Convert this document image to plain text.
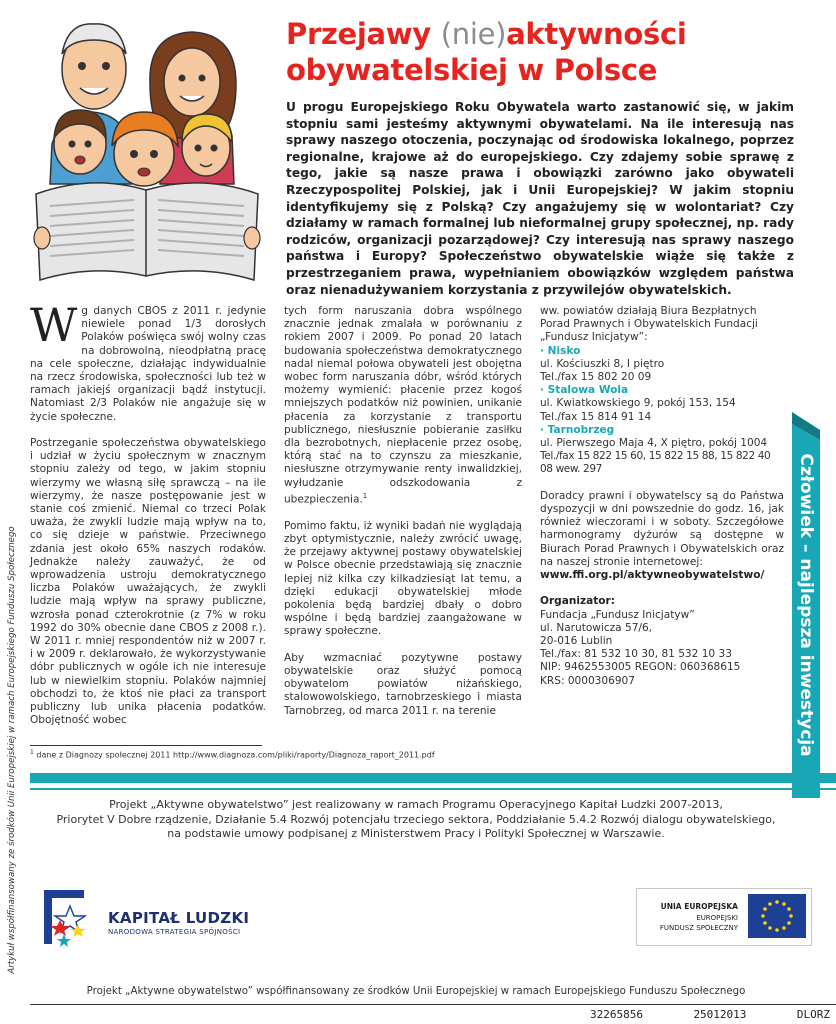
Przejawy (nie)aktywności
obywatelskiej w Polsce

U progu Europejskiego Roku Obywatela warto zastanowić się, w jakim stopniu sami jesteśmy aktywnymi obywatelami. Na ile interesują nas sprawy naszego otoczenia, poczynając od środowiska lokalnego, poprzez regionalne, krajowe aż do europejskiego. Czy zdajemy sobie sprawę z tego, jakie są nasze prawa i obowiązki zarówno jako obywateli Rzeczypospolitej Polskiej, jak i Unii Europejskiej? W jakim stopniu identyfikujemy się z Polską? Czy angażujemy się w wolontariat? Czy działamy w ramach formalnej lub nieformalnej grupy społecznej, np. rady rodziców, organizacji pozarządowej? Czy interesują nas sprawy naszego państwa i Europy? Społeczeństwo obywatelskie wiąże się także z przestrzeganiem prawa, wypełnianiem obowiązków względem państwa oraz nienadużywaniem korzystania z przywilejów obywatelskich.

Wg danych CBOS z 2011 r. jedynie niewiele ponad 1/3 dorosłych Polaków poświęca swój wolny czas na dobrowolną, nieodpłatną pracę na cele społeczne, działając indywidualnie na rzecz środowiska, społeczności lub też w ramach jakiejś organizacji bądź instytucji. Natomiast 2/3 Polaków nie angażuje się w życie społeczne.

Postrzeganie społeczeństwa obywatelskiego i udział w życiu społecznym w znacznym stopniu zależy od tego, w jakim stopniu wierzymy we własną siłę sprawczą – na ile wierzymy, że nasze postępowanie jest w stanie coś zmienić. Niemal co trzeci Polak uważa, że zwykli ludzie mają wpływ na to, co się dzieje w państwie. Przeciwnego zdania jest około 65% naszych rodaków. Jednakże należy zauważyć, że od wprowadzenia ustroju demokratycznego liczba Polaków uważających, że zwykli ludzie mają wpływ na sprawy publiczne, wzrosła ponad czterokrotnie (z 7% w roku 1992 do 30% obecnie dane CBOS z 2008 r.). W 2011 r. mniej respondentów niż w 2007 r. i w 2009 r. deklarowało, że wykorzystywanie dóbr publicznych w ogóle ich nie interesuje lub w niewielkim stopniu. Polaków najmniej obchodzi to, że ktoś nie płaci za transport publiczny lub unika płacenia podatków. Obojętność wobec

tych form naruszania dobra wspólnego znacznie jednak zmalała w porównaniu z rokiem 2007 i 2009. Po ponad 20 latach budowania społeczeństwa demokratycznego nadal niemal połowa obywateli jest obojętna wobec form naruszania dóbr, wśród których możemy wymienić: płacenie przez kogoś mniejszych podatków niż powinien, unikanie płacenia za korzystanie z transportu publicznego, niesłusznie pobieranie zasiłku dla bezrobotnych, niepłacenie przez osobę, którą stać na to czynszu za mieszkanie, niesłuszne otrzymywanie renty inwalidzkiej, wyłudzanie odszkodowania z ubezpieczenia.$^1$

Pomimo faktu, iż wyniki badań nie wyglądają zbyt optymistycznie, należy zwrócić uwagę, że przejawy aktywnej postawy obywatelskiej w Polsce obecnie przedstawiają się znacznie lepiej niż kilka czy kilkadziesiąt lat temu, a dzięki edukacji obywatelskiej młode pokolenia będą bardziej dbały o dobro wspólne i będą bardziej zaangażowane w sprawy społeczne.

Aby wzmacniać pozytywne postawy obywatelskie oraz służyć pomocą obywatelom powiatów niżańskiego, stalowowolskiego, tarnobrzeskiego i miasta Tarnobrzeg, od marca 2011 r. na terenie

ww. powiatów działają Biura Bezpłatnych Porad Prawnych i Obywatelskich Fundacji „Fundusz Inicjatyw”:

· Nisko
ul. Kościuszki 8, I piętro
Tel./fax 15 802 20 09
· Stalowa Wola
ul. Kwiatkowskiego 9, pokój 153, 154
Tel./fax 15 814 91 14
· Tarnobrzeg
ul. Pierwszego Maja 4, X piętro, pokój 1004
Tel./fax 15 822 15 60, 15 822 15 88, 15 822 40 08 wew. 297

Doradcy prawni i obywatelscy są do Państwa dyspozycji w dni powszednie do godz. 16, jak również wieczorami i w soboty. Szczegółowe harmonogramy dyżurów są dostępne w Biurach Porad Prawnych i Obywatelskich oraz na naszej stronie internetowej:
www.ffi.org.pl/aktywneobywatelstwo/

Organizator:
Fundacja „Fundusz Inicjatyw”
ul. Narutowicza 57/6,
20-016 Lublin
Tel./fax: 81 532 10 30, 81 532 10 33
NIP: 9462553005 REGON: 060368615
KRS: 0000306907	Człowiek – najlepsza inwestycja

$^1$ dane z Diagnozy społecznej 2011 http://www.diagnoza.com/pliki/raporty/Diagnoza_raport_2011.pdf

Projekt „Aktywne obywatelstwo” jest realizowany w ramach Programu Operacyjnego Kapitał Ludzki 2007-2013,
Priorytet V Dobre rządzenie, Działanie 5.4 Rozwój potencjału trzeciego sektora, Poddziałanie 5.4.2 Rozwój dialogu obywatelskiego,
na podstawie umowy podpisanej z Ministerstwem Pracy i Polityki Społecznej w Warszawie.
KAPITAŁ LUDZKI
NARODOWA STRATEGIA SPÓJNOŚCI
UNIA EUROPEJSKA
EUROPEJSKI
FUNDUSZ SPOŁECZNY
Artykuł współfinansowany ze środków Unii Europejskiej w ramach Europejskiego Funduszu Społecznego
Projekt „Aktywne obywatelstwo” współfinansowany ze środków Unii Europejskiej w ramach Europejskiego Funduszu Społecznego
32265856	25012013	DLORZ
